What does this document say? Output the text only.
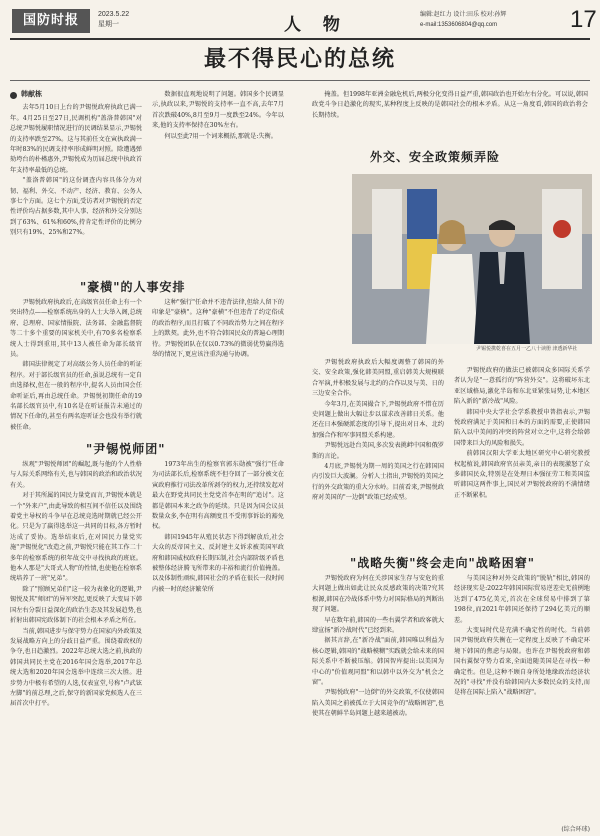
国防时报	2023.5.22
星期一	人 物	编辑:赵红力 设计:田乐 校对:孙辉
e-mail:1353606804@qq.com	17
最不得民心的总统
韩献栋

去年5月10日上台的尹锡悦政府执政已满一年。4月25日至27日,民调机构"盖洛普韩国"对总统尹锡悦履职情况进行的民调结果显示,尹锡悦的支持率跌至27%。这与其前任文在寅执政满一年时83%的民调支持率形成鲜明对照。除遭遇弹劾垮台的朴槿惠外,尹锡悦成为历届总统中执政首年支持率最低的总统。

"盖洛普韩国"的这份调查内容具体分为对韧、福利、外交、不动产、经济、教育、公务人事七个方面。这七个方面,受访者对尹锡悦的否定性评价均占据多数,其中人事、经济和外交分别达到了63%、61%和60%,持肯定性评价的比例分别只有19%、25%和27%。

数据很直观地说明了问题。韩国多个民调显示,执政以来,尹锡悦的支持率一直不高,去年7月首次跌破40%,8月至9月一度跌至24%。今年以来,他的支持率保持在30%左右。

何以至此?用一个词来概括,那就是:失衡。

掩盖。但1998年亚洲金融危机后,两极分化变得日益严重,韩国政治也开始左右分化。可以说,韩国政党斗争日趋激化的现实,某种程度上反映的是韩国社会的根本矛盾。从这一角度看,韩国的政治将会长期持续。

"豪横"的人事安排

尹锡悦政府执政后,在高级官员任命上有一个突出特点——检察系统出身的人士大举入阁,总统府、总理府、国家情报院、法务部、金融监督院等二十多个重要的国家机关中,有70多名检察系统人士得到重用,其中13人被任命为部长级官员。

韩国法律规定了对高级公务人员任命的听证程序。对于部长级官员的任命,虽说总统有一定自由选择权,但在一般的程序中,提名人员由国会任命听证后,再由总统任命。尹锡悦初期任命的19名部长级官员中,有10名是在听证报告未通过的情况下任命的,甚至有两名连听证会也没有举行就被任命。

这种"强行"任命并不违背法律,但给人留下的印象是"豪横"。这种"豪横"不但违背了约定俗成的政治程序,而且打破了不同政治势力之间在程序上的默契。此外,也不符合韩国民众的普遍心理期待。尹锡悦团队在仅以0.73%的微弱优势赢得选举的情况下,更应该注重沟通与协调。

"尹锡悦师团"

纵观"尹锡悦师团"的崛起,既与他的个人性格与人际关系网络有关,也与韩国的政治和政治状况有关。

对于其所属的国民力量党而言,尹锡悦本就是一个"外来户",由此导致的相互间不信任以及围绕着党主导权的斗争早在总统竞选时期就已经公开化。只是为了赢得选举这一共同的目标,各方暂时达成了妥协。选举结束后,在对国民力量党实施"尹锡悦化"改造之前,尹锡悦只能在其工作二十多年的检察系统的积年故交中寻找执政的班底。他本人那是"大哥式人物"的性情,也使他在检察系统培养了一班"兄弟"。

除了"照顾兄弟们"这一较为表象化的逻辑,尹锡悦及其"师团"的异军突起,更反映了大变局下韩国左右分裂日益深化的政治生态及其发展趋势,也折射出韩国宪政体制下的社会根本矛盾之所在。

当前,韩国进步与保守势力在国家内外政策及发展战略方向上的分歧日益严重。围绕着政权的争夺,也日趋激烈。2022年总统大选之前,执政的韩国共同民主党在2016年国会选举,2017年总统大选和2020年国会选举中连续三次大胜。进步势力中极有希望的人选,仅表宣堂,号称"卢武铉左脚"的前总理,之后,保守的新国家党候选人在三届首次中打平。

1973年出生的检察官郭东勋被"强行"任命为司法部长后,检察系统不但夺回了一部分被文在寅政府推行司法改革所剥夺的权力,还持续发起对最大在野党共同民主党党首李在明的"追讨"。这都是韩国本来之政争的延续。只是因为国会议员数量众多,李在明有高额度且不受刑事诉讼的豁免权。

韩国1945年从殖民状态下得到解放后,社会大众的反帝国主义、反封建主义诉求被美国军政府和韩国威权政府长期压制,社会内部阶级矛盾也被整体经济腾飞所带来的丰裕和流行价值掩盖。以及体制性顽疾,韩国社会的矛盾在很长一段时间内被一时的经济繁荣所

外交、安全政策频弄险
尹锡悦携乾喜在五月一乙八十读册 津透新华社

尹锡悦政府执政后大幅度调整了韩国的外交、安全政策,强化韩美同盟,重启韩美大规模联合军演,并积极发展与北约的合作以及与美、日的三边安全合作。

今年3月,在美国撮合下,尹锡悦政府不惜在历史问题上做出大幅让步以谋求改善韩日关系。他还在日本强硬派态度的引导下,提出对日本、北约加强合作和军事同盟关系构建。

尹锡悦远赴台美国,多次发表挑衅中国和俄罗斯的言论。

4月底,尹锡悦为期一周的美国之行在韩国国内引发巨大波澜。分析人士指出,尹锡悦的美国之行的外交政策的重大分水岭。目前看来,尹锡悦政府对美国的"一边倒"政策已经成型。

尹锡悦政府的做法已被韩国众多国际关系学者认为是"一意孤行的"阵营外交"。这将破坏东北亚区域格局,激化半岛和东北亚紧张局势,让本地区陷入新的"新冷战"风险。

韩国中央大学社会学系教授申普指表示,尹锡悦政府满足于美国和日本的方面的需要,正使韩国陷入以中美间的冲突的阵营对立之中,这将会给韩国带来巨大的风险和损失。

前韩国汉阳大学亚太地区研究中心研究教授权起植说,韩国政府官员亲美,亲日的表现激怒了众多韩国民众,特别是在处理日本强征劳工和美国监听韩国这两件事上,国民对尹锡悦政府的不满情绪正不断累积。

"战略失衡"终会走向"战略困窘"

尹锡悦政府为何在关涉国家生存与安危的重大问题上做出如此让民众反感政策的决策?究其根源,韩国在冷战体系中势力对国际格局的判断出现了问题。

早在数年前,韩国的一些右翼学者和政客就大肆宣扬"新冷战时代"已经到来。

据其言辞,在"新冷战"面前,韩国唯以利益为核心逻辑,韩国的"战略模糊"实践就会给未来的国际关系中不断被压缩。韩国智库提出:以美国为中心的"价值观同盟"和以韩中以外交为"机会之窗"。

尹锡悦政府"一边倒"的外交政策,不仅使韩国陷入美国之前被孤立于大国竞争的"战略困窘",也使其在朝鲜半岛问题上越来越被动。

与美国这种对外交政策的"脱轨"相比,韩国的经济现实是:2022年韩国国际贸易逆差史无前例地达到了475亿美元,首次在全球贸易中排到了第198位,而2021年韩国还保持了294亿美元的顺差。

大变局时代是充满不确定性的时代。当前韩国尹锡悦政府失衡在一定程度上反映了不确定环境下韩国的焦虑与局限。也许在尹锡悦政府和韩国右翼保守势力看来,全面追随美国是在寻找一种确定性。但是,这种不顾自身所处地缘政治经济状况的"寻找"并没有给韩国内大多数民众的支持,而是将在国际上陷入"战略困窘"。

(综合环球)
